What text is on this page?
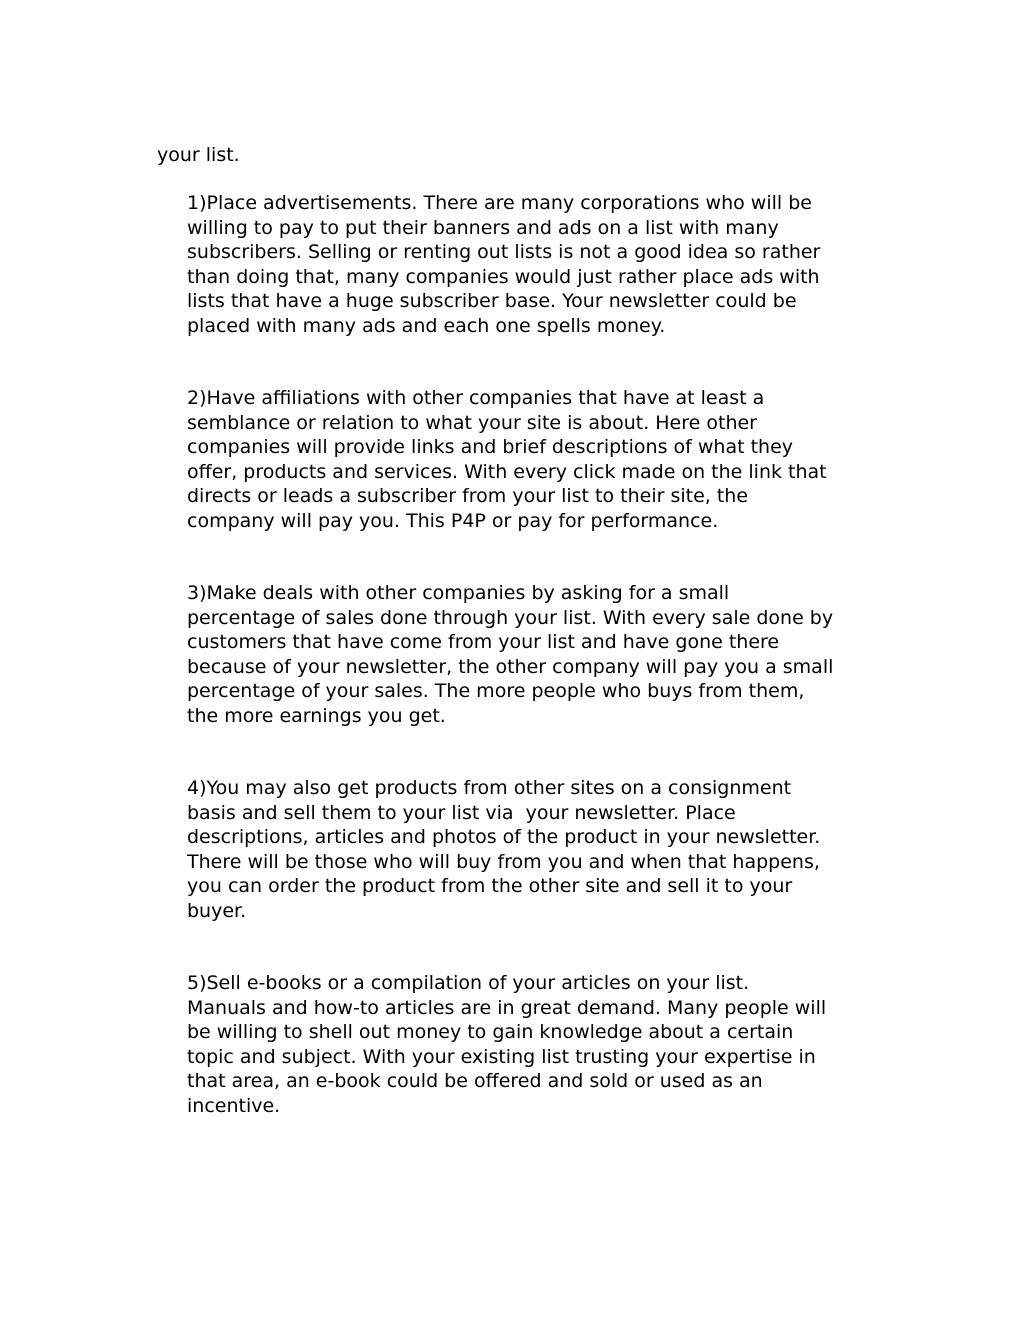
your list.

1)Place advertisements. There are many corporations who will be
willing to pay to put their banners and ads on a list with many
subscribers. Selling or renting out lists is not a good idea so rather
than doing that, many companies would just rather place ads with
lists that have a huge subscriber base. Your newsletter could be
placed with many ads and each one spells money.
2)Have affiliations with other companies that have at least a
semblance or relation to what your site is about. Here other
companies will provide links and brief descriptions of what they
offer, products and services. With every click made on the link that
directs or leads a subscriber from your list to their site, the
company will pay you. This P4P or pay for performance.
3)Make deals with other companies by asking for a small
percentage of sales done through your list. With every sale done by
customers that have come from your list and have gone there
because of your newsletter, the other company will pay you a small
percentage of your sales. The more people who buys from them,
the more earnings you get.
4)You may also get products from other sites on a consignment
basis and sell them to your list via  your newsletter. Place
descriptions, articles and photos of the product in your newsletter.
There will be those who will buy from you and when that happens,
you can order the product from the other site and sell it to your
buyer.
5)Sell e-books or a compilation of your articles on your list.
Manuals and how-to articles are in great demand. Many people will
be willing to shell out money to gain knowledge about a certain
topic and subject. With your existing list trusting your expertise in
that area, an e-book could be offered and sold or used as an
incentive.
